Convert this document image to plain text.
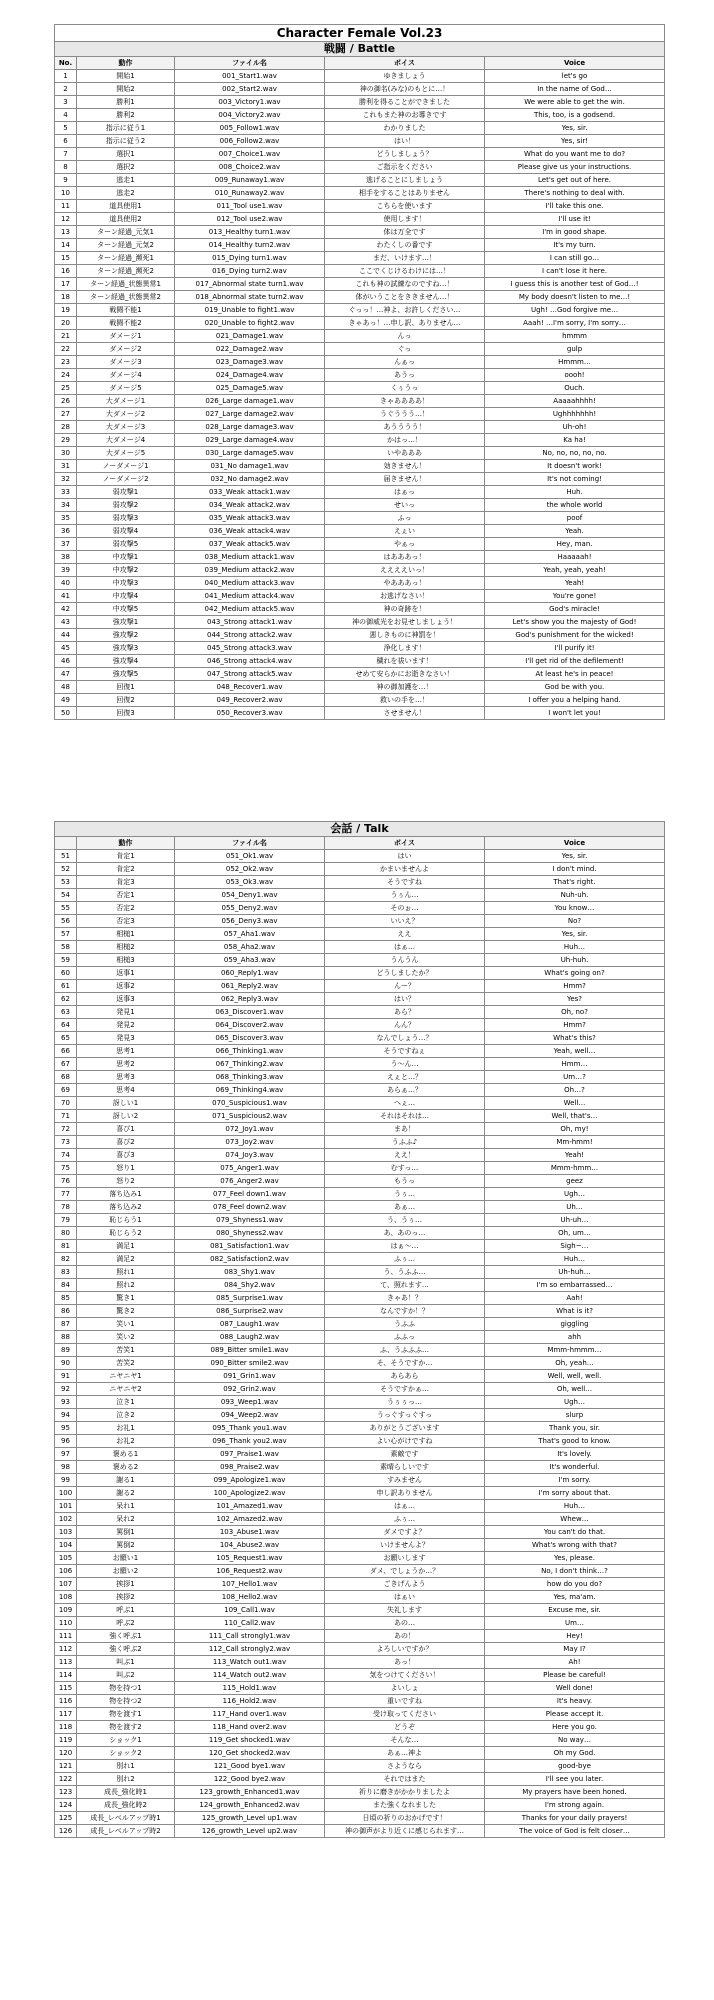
Character Female Vol.23				
戦闘 / Battle				
No.	動作	ファイル名	ボイス	Voice
1	開始1	001_Start1.wav	ゆきましょう	let's go
2	開始2	002_Start2.wav	神の御名(みな)のもとに…！	In the name of God…
3	勝利1	003_Victory1.wav	勝利を得ることができました	We were able to get the win.
4	勝利2	004_Victory2.wav	これもまた神のお導きです	This, too, is a godsend.
5	指示に従う1	005_Follow1.wav	わかりました	Yes, sir.
6	指示に従う2	006_Follow2.wav	はい！	Yes, sir!
7	選択1	007_Choice1.wav	どうしましょう？	What do you want me to do?
8	選択2	008_Choice2.wav	ご指示をください	Please give us your instructions.
9	逃走1	009_Runaway1.wav	逃げることにしましょう	Let's get out of here.
10	逃走2	010_Runaway2.wav	相手をすることはありません	There's nothing to deal with.
11	道具使用1	011_Tool use1.wav	こちらを使います	I'll take this one.
12	道具使用2	012_Tool use2.wav	使用します！	I'll use it!
13	ターン経過_元気1	013_Healthy turn1.wav	体は万全です	I'm in good shape.
14	ターン経過_元気2	014_Healthy turn2.wav	わたくしの番です	It's my turn.
15	ターン経過_瀕死1	015_Dying turn1.wav	まだ、いけます…！	I can still go…
16	ターン経過_瀕死2	016_Dying turn2.wav	ここでくじけるわけには…！	I can't lose it here.
17	ターン経過_状態異常1	017_Abnormal state turn1.wav	これも神の試練なのですね…！	I guess this is another test of God…!
18	ターン経過_状態異常2	018_Abnormal state turn2.wav	体がいうことをききません…！	My body doesn't listen to me…!
19	戦闘不能1	019_Unable to fight1.wav	ぐっっ！…神よ、お許しください…	Ugh! …God forgive me…
20	戦闘不能2	020_Unable to fight2.wav	きゃあっ！…申し訳、ありません…	Aaah! …I'm sorry, I'm sorry…
21	ダメージ1	021_Damage1.wav	んっ	hmmm
22	ダメージ2	022_Damage2.wav	ぐっ	gulp
23	ダメージ3	023_Damage3.wav	んぁっ	Hmmm…
24	ダメージ4	024_Damage4.wav	あうっ	oooh!
25	ダメージ5	025_Damage5.wav	くぅうっ	Ouch.
26	大ダメージ1	026_Large damage1.wav	きゃああああ！	Aaaaahhhh!
27	大ダメージ2	027_Large damage2.wav	うぐううう…！	Ughhhhhhh!
28	大ダメージ3	028_Large damage3.wav	あうううう！	Uh-oh!
29	大ダメージ4	029_Large damage4.wav	かはっ…！	Ka ha!
30	大ダメージ5	030_Large damage5.wav	いやあああ	No, no, no, no, no.
31	ノーダメージ1	031_No damage1.wav	効きません！	It doesn't work!
32	ノーダメージ2	032_No damage2.wav	届きません！	It's not coming!
33	弱攻撃1	033_Weak attack1.wav	はぁっ	Huh.
34	弱攻撃2	034_Weak attack2.wav	せいっ	the whole world
35	弱攻撃3	035_Weak attack3.wav	ふっ	poof
36	弱攻撃4	036_Weak attack4.wav	えぇい	Yeah.
37	弱攻撃5	037_Weak attack5.wav	やぁっ	Hey, man.
38	中攻撃1	038_Medium attack1.wav	はあああっ！	Haaaaah!
39	中攻撃2	039_Medium attack2.wav	ええええいっ！	Yeah, yeah, yeah!
40	中攻撃3	040_Medium attack3.wav	やあああっ！	Yeah!
41	中攻撃4	041_Medium attack4.wav	お逃げなさい！	You're gone!
42	中攻撃5	042_Medium attack5.wav	神の奇跡を！	God's miracle!
43	強攻撃1	043_Strong attack1.wav	神の御威光をお見せしましょう！	Let's show you the majesty of God!
44	強攻撃2	044_Strong attack2.wav	悪しきものに神罰を！	God's punishment for the wicked!
45	強攻撃3	045_Strong attack3.wav	浄化します！	I'll purify it!
46	強攻撃4	046_Strong attack4.wav	穢れを祓います！	I'll get rid of the defilement!
47	強攻撃5	047_Strong attack5.wav	せめて安らかにお逝きなさい！	At least he's in peace!
48	回復1	048_Recover1.wav	神の御加護を…！	God be with you.
49	回復2	049_Recover2.wav	救いの手を…！	I offer you a helping hand.
50	回復3	050_Recover3.wav	させません！	I won't let you!
会話 / Talk				
	動作	ファイル名	ボイス	Voice
51	肯定1	051_Ok1.wav	はい	Yes, sir.
52	肯定2	052_Ok2.wav	かまいませんよ	I don't mind.
53	肯定3	053_Ok3.wav	そうですね	That's right.
54	否定1	054_Deny1.wav	うぅん…	Nuh-uh.
55	否定2	055_Deny2.wav	そのぉ…	You know…
56	否定3	056_Deny3.wav	いいえ？	No?
57	相槌1	057_Aha1.wav	ええ	Yes, sir.
58	相槌2	058_Aha2.wav	はぁ…	Huh…
59	相槌3	059_Aha3.wav	うんうん	Uh-huh.
60	返事1	060_Reply1.wav	どうしましたか？	What's going on?
61	返事2	061_Reply2.wav	んー？	Hmm?
62	返事3	062_Reply3.wav	はい？	Yes?
63	発見1	063_Discover1.wav	あら？	Oh, no?
64	発見2	064_Discover2.wav	んん？	Hmm?
65	発見3	065_Discover3.wav	なんでしょう…？	What's this?
66	思考1	066_Thinking1.wav	そうですねぇ	Yeah, well…
67	思考2	067_Thinking2.wav	う～ん…	Hmm…
68	思考3	068_Thinking3.wav	えぇと…？	Um…?
69	思考4	069_Thinking4.wav	あらぁ…？	Oh…?
70	訝しい1	070_Suspicious1.wav	へぇ…	Well…
71	訝しい2	071_Suspicious2.wav	それはそれは…	Well, that's…
72	喜び1	072_Joy1.wav	まあ！	Oh, my!
73	喜び2	073_Joy2.wav	うふふ♪	Mm-hmm!
74	喜び3	074_Joy3.wav	ええ！	Yeah!
75	怒り1	075_Anger1.wav	むすっ…	Mmm-hmm…
76	怒り2	076_Anger2.wav	もうっ	geez
77	落ち込み1	077_Feel down1.wav	うぅ…	Ugh…
78	落ち込み2	078_Feel down2.wav	あぁ…	Uh…
79	恥じらう1	079_Shyness1.wav	う、うぅ…	Uh-uh…
80	恥じらう2	080_Shyness2.wav	あ、あのっ…	Oh, um…
81	満足1	081_Satisfaction1.wav	はぁ～…	Sigh~…
82	満足2	082_Satisfaction2.wav	ふぅ…	Huh…
83	照れ1	083_Shy1.wav	う、うふふ…	Uh-huh…
84	照れ2	084_Shy2.wav	て、照れます…	I'm so embarrassed…
85	驚き1	085_Surprise1.wav	きゃあ！？	Aah!
86	驚き2	086_Surprise2.wav	なんですか！？	What is it?
87	笑い1	087_Laugh1.wav	うふふ	giggling
88	笑い2	088_Laugh2.wav	ふふっ	ahh
89	苦笑1	089_Bitter smile1.wav	ふ、うふふふ…	Mmm-hmmm…
90	苦笑2	090_Bitter smile2.wav	そ、そうですか…	Oh, yeah…
91	ニヤニヤ1	091_Grin1.wav	あらあら	Well, well, well.
92	ニヤニヤ2	092_Grin2.wav	そうですかぁ…	Oh, well…
93	泣き1	093_Weep1.wav	うぅぅっ…	Ugh…
94	泣き2	094_Weep2.wav	うっぐすっぐすっ	slurp
95	お礼1	095_Thank you1.wav	ありがとうございます	Thank you, sir.
96	お礼2	096_Thank you2.wav	よい心がけですね	That's good to know.
97	褒める1	097_Praise1.wav	素敵です	It's lovely.
98	褒める2	098_Praise2.wav	素晴らしいです	It's wonderful.
99	謝る1	099_Apologize1.wav	すみません	I'm sorry.
100	謝る2	100_Apologize2.wav	申し訳ありません	I'm sorry about that.
101	呆れ1	101_Amazed1.wav	はぁ…	Huh…
102	呆れ2	102_Amazed2.wav	ふぅ…	Whew…
103	罵倒1	103_Abuse1.wav	ダメですよ？	You can't do that.
104	罵倒2	104_Abuse2.wav	いけませんよ？	What's wrong with that?
105	お願い1	105_Request1.wav	お願いします	Yes, please.
106	お願い2	106_Request2.wav	ダメ、でしょうか…？	No, I don't think…?
107	挨拶1	107_Hello1.wav	ごきげんよう	how do you do?
108	挨拶2	108_Hello2.wav	はぁい	Yes, ma'am.
109	呼ぶ1	109_Call1.wav	失礼します	Excuse me, sir.
110	呼ぶ2	110_Call2.wav	あの…	Um…
111	強く呼ぶ1	111_Call strongly1.wav	あの！	Hey!
112	強く呼ぶ2	112_Call strongly2.wav	よろしいですか？	May I?
113	叫ぶ1	113_Watch out1.wav	あっ！	Ah!
114	叫ぶ2	114_Watch out2.wav	気をつけてください！	Please be careful!
115	物を持つ1	115_Hold1.wav	よいしょ	Well done!
116	物を持つ2	116_Hold2.wav	重いですね	It's heavy.
117	物を渡す1	117_Hand over1.wav	受け取ってください	Please accept it.
118	物を渡す2	118_Hand over2.wav	どうぞ	Here you go.
119	ショック1	119_Get shocked1.wav	そんな…	No way…
120	ショック2	120_Get shocked2.wav	あぁ…神よ	Oh my God.
121	別れ1	121_Good bye1.wav	さようなら	good-bye
122	別れ2	122_Good bye2.wav	それではまた	I'll see you later.
123	成長_強化時1	123_growth_Enhanced1.wav	祈りに磨きがかかりましたよ	My prayers have been honed.
124	成長_強化時2	124_growth_Enhanced2.wav	また強くなれました	I'm strong again.
125	成長_レベルアップ時1	125_growth_Level up1.wav	日頃の祈りのおかげです！	Thanks for your daily prayers!
126	成長_レベルアップ時2	126_growth_Level up2.wav	神の御声がより近くに感じられます…	The voice of God is felt closer…
